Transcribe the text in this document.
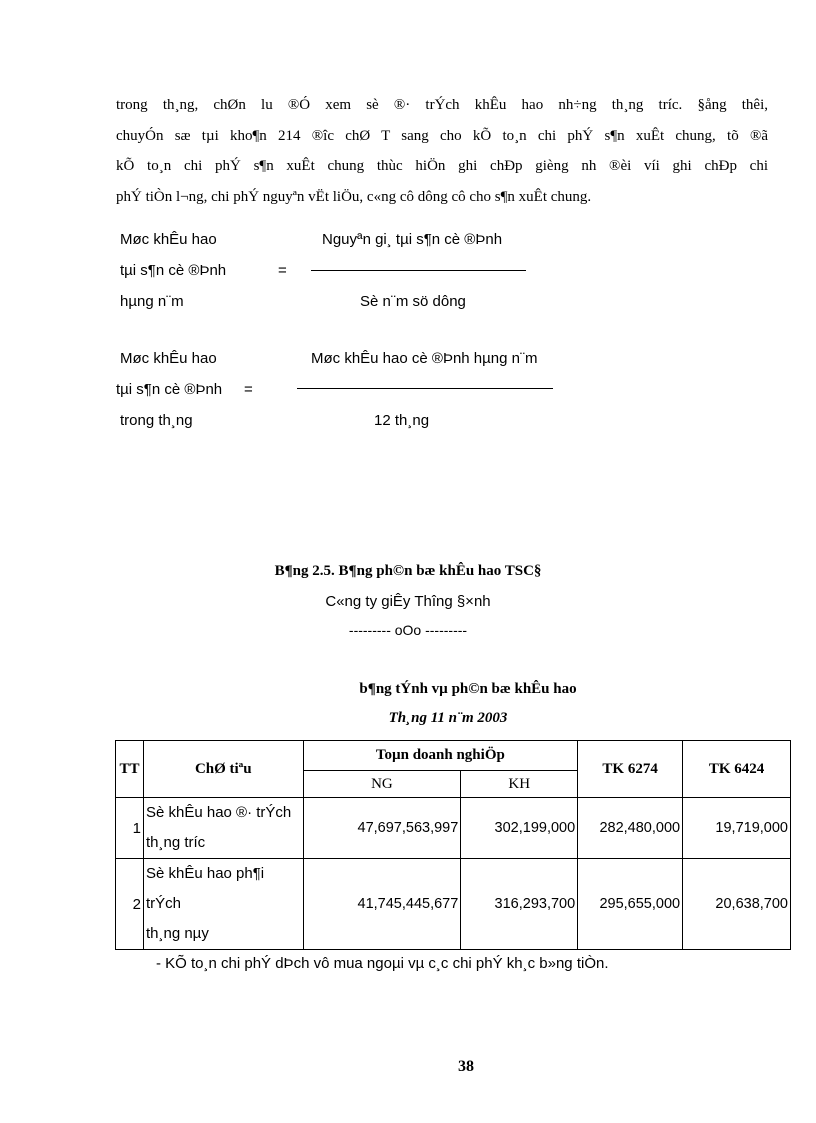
trong th¸ng, chØn lu ®Ó xem sè ®· trÝch khÊu hao nh÷ng th¸ng tríc. §ång thêi,
chuyÓn sæ tµi kho¶n 214 ®îc chØ T sang cho kÕ to¸n chi phÝ s¶n xuÊt chung, tõ ®ã
kÕ to¸n chi phÝ s¶n xuÊt chung thùc hiÖn ghi chÐp gièng nh ®èi víi ghi chÐp chi
phÝ tiÒn l¬ng, chi phÝ nguyªn vËt liÖu, c«ng cô dông cô cho s¶n xuÊt chung.
Møc khÊu hao
tµi s¶n cè ®Þnh
hµng n¨m
=
Nguyªn gi¸ tµi s¶n cè ®Þnh
Sè n¨m sö dông
Møc khÊu hao
tµi s¶n cè ®Þnh =
trong th¸ng
Møc khÊu hao cè ®Þnh hµng n¨m
12 th¸ng
B¶ng 2.5. B¶ng ph©n bæ khÊu hao TSC§
C«ng ty giÊy Thîng §×nh
--------- oOo ---------
b¶ng tÝnh vµ ph©n bæ khÊu hao
Th¸ng 11 n¨m 2003
TT	ChØ tiªu	Toµn doanh nghiÖp		TK 6274	TK 6424
		NG	KH		
1	Sè khÊu hao ®· trÝch
th¸ng tríc	47,697,563,997	302,199,000	282,480,000	19,719,000
2	Sè khÊu hao ph¶i trÝch
th¸ng nµy	41,745,445,677	316,293,700	295,655,000	20,638,700
- KÕ to¸n chi phÝ dÞch vô mua ngoµi vµ c¸c chi phÝ kh¸c b»ng tiÒn.
38
